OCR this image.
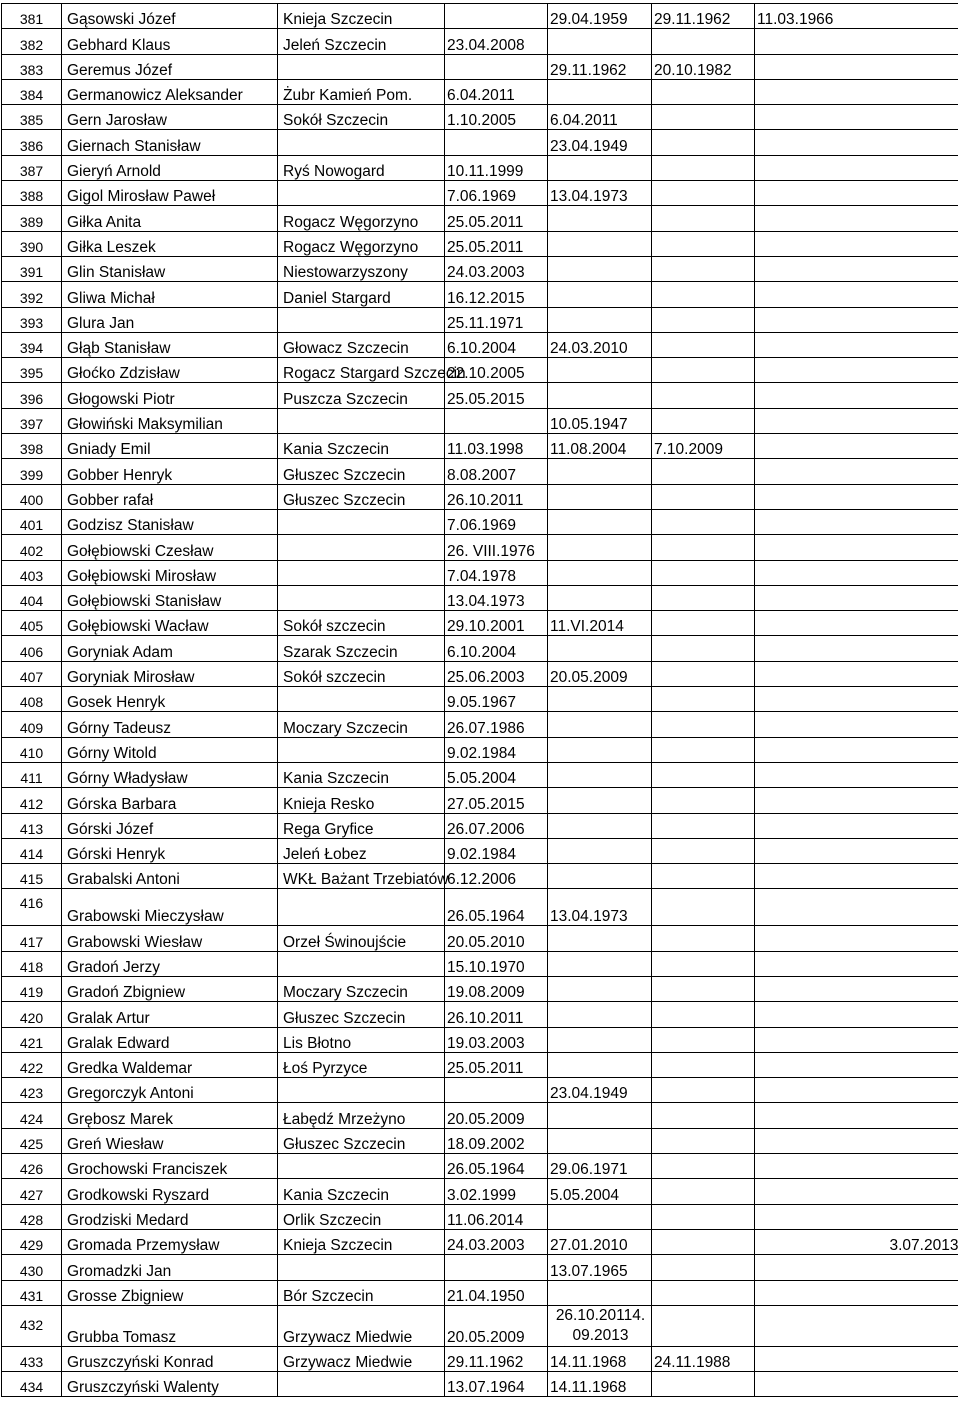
381	Gąsowski Józef	Knieja Szczecin		29.04.1959	29.11.1962	11.03.1966		
382	Gebhard Klaus	Jeleń Szczecin	23.04.2008					
383	Geremus Józef			29.11.1962	20.10.1982			
384	Germanowicz Aleksander	Żubr Kamień Pom.	6.04.2011					
385	Gern Jarosław	Sokół Szczecin	1.10.2005	6.04.2011				
386	Giernach Stanisław			23.04.1949				
387	Gieryń Arnold	Ryś Nowogard	10.11.1999					
388	Gigol Mirosław Paweł		7.06.1969	13.04.1973				
389	Giłka Anita	Rogacz Węgorzyno	25.05.2011					
390	Giłka Leszek	Rogacz Węgorzyno	25.05.2011					
391	Glin Stanisław	Niestowarzyszony	24.03.2003					
392	Gliwa Michał	Daniel Stargard	16.12.2015					
393	Glura Jan		25.11.1971					
394	Głąb Stanisław	Głowacz Szczecin	6.10.2004	24.03.2010				
395	Głoćko Zdzisław	Rogacz Stargard Szczecin	22.10.2005					
396	Głogowski Piotr	Puszcza Szczecin	25.05.2015					
397	Głowiński Maksymilian			10.05.1947				
398	Gniady Emil	Kania Szczecin	11.03.1998	11.08.2004	7.10.2009			
399	Gobber Henryk	Głuszec Szczecin	8.08.2007					
400	Gobber rafał	Głuszec Szczecin	26.10.2011					
401	Godzisz Stanisław		7.06.1969					
402	Gołębiowski Czesław		26. VIII.1976					
403	Gołębiowski Mirosław		7.04.1978					
404	Gołębiowski Stanisław		13.04.1973					
405	Gołębiowski Wacław	Sokół szczecin	29.10.2001	11.VI.2014				
406	Goryniak Adam	Szarak Szczecin	6.10.2004					
407	Goryniak Mirosław	Sokół szczecin	25.06.2003	20.05.2009				
408	Gosek Henryk		9.05.1967					
409	Górny Tadeusz	Moczary Szczecin	26.07.1986					
410	Górny Witold		9.02.1984					
411	Górny Władysław	Kania Szczecin	5.05.2004					
412	Górska Barbara	Knieja Resko	27.05.2015					
413	Górski Józef	Rega Gryfice	26.07.2006					
414	Górski Henryk	Jeleń Łobez	9.02.1984					
415	Grabalski Antoni	WKŁ Bażant Trzebiatów	6.12.2006					
416	Grabowski Mieczysław		26.05.1964	13.04.1973				
417	Grabowski Wiesław	Orzeł Świnoujście	20.05.2010					
418	Gradoń Jerzy		15.10.1970					
419	Gradoń Zbigniew	Moczary Szczecin	19.08.2009					
420	Gralak Artur	Głuszec Szczecin	26.10.2011					
421	Gralak Edward	Lis Błotno	19.03.2003					
422	Gredka Waldemar	Łoś Pyrzyce	25.05.2011					
423	Gregorczyk Antoni			23.04.1949				
424	Grębosz Marek	Łabędź Mrzeżyno	20.05.2009					
425	Greń Wiesław	Głuszec Szczecin	18.09.2002					
426	Grochowski Franciszek		26.05.1964	29.06.1971				
427	Grodkowski Ryszard	Kania Szczecin	3.02.1999	5.05.2004				
428	Grodziski Medard	Orlik Szczecin	11.06.2014					
429	Gromada Przemysław	Knieja Szczecin	24.03.2003	27.01.2010				3.07.2013
430	Gromadzki Jan			13.07.1965				
431	Grosse Zbigniew	Bór Szczecin	21.04.1950					
432	Grubba Tomasz	Grzywacz Miedwie	20.05.2009	26.10.20114. 09.2013				
433	Gruszczyński Konrad	Grzywacz Miedwie	29.11.1962	14.11.1968	24.11.1988			
434	Gruszczyński Walenty		13.07.1964	14.11.1968				
